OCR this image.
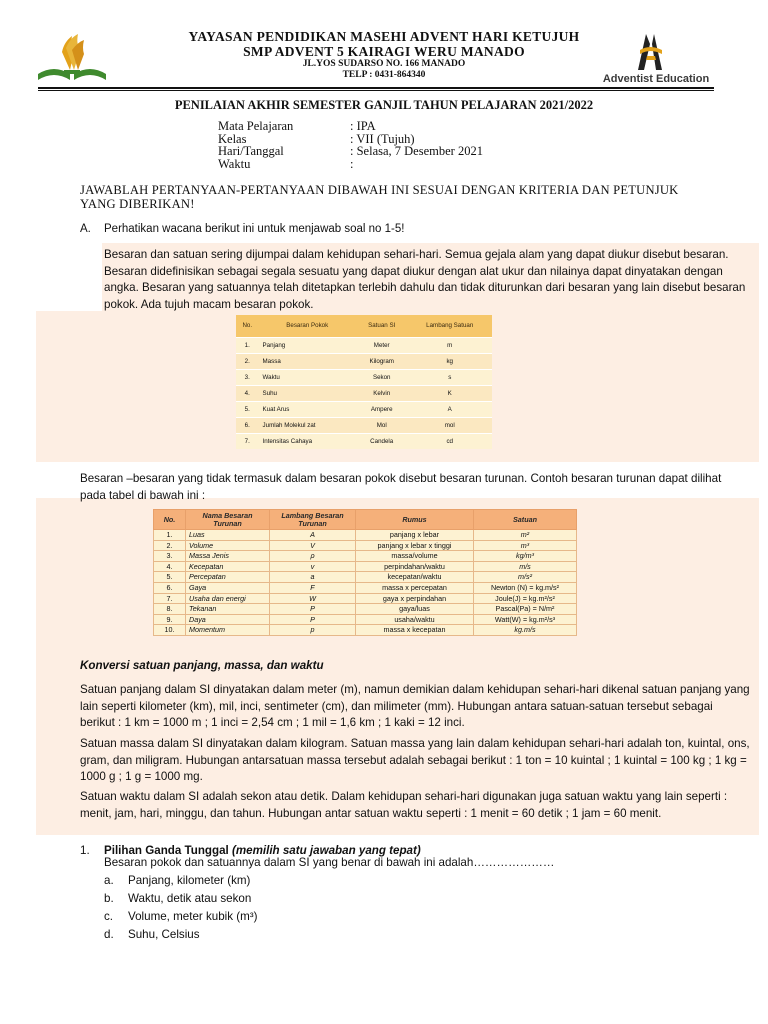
YAYASAN PENDIDIKAN MASEHI ADVENT HARI KETUJUH
SMP ADVENT 5 KAIRAGI WERU MANADO
JL.YOS SUDARSO NO. 166 MANADO
TELP : 0431-864340	Adventist Education
PENILAIAN AKHIR SEMESTER GANJIL TAHUN PELAJARAN 2021/2022
Mata Pelajaran	: IPA
Kelas	: VII (Tujuh)
Hari/Tanggal	: Selasa, 7 Desember 2021
Waktu	:
JAWABLAH PERTANYAAN-PERTANYAAN DIBAWAH INI SESUAI DENGAN KRITERIA DAN PETUNJUK YANG DIBERIKAN!
A. Perhatikan wacana berikut ini untuk menjawab soal no 1-5!
Besaran dan satuan sering dijumpai dalam kehidupan sehari-hari. Semua gejala alam yang dapat diukur disebut besaran. Besaran didefinisikan sebagai segala sesuatu yang dapat diukur dengan alat ukur dan nilainya dapat dinyatakan dengan angka. Besaran yang satuannya telah ditetapkan terlebih dahulu dan tidak diturunkan dari besaran yang lain disebut besaran pokok. Ada tujuh macam besaran pokok.
No.	Besaran Pokok	Satuan SI	Lambang Satuan
1.	Panjang	Meter	m
2.	Massa	Kilogram	kg
3.	Waktu	Sekon	s
4.	Suhu	Kelvin	K
5.	Kuat Arus	Ampere	A
6.	Jumlah Molekul zat	Mol	mol
7.	Intensitas Cahaya	Candela	cd
Besaran –besaran yang tidak termasuk dalam besaran pokok disebut besaran turunan. Contoh besaran turunan dapat dilihat pada tabel di bawah ini :
No.	Nama Besaran Turunan	Lambang Besaran Turunan	Rumus	Satuan
1.	Luas	A	panjang x lebar	m²
2.	Volume	V	panjang x lebar x tinggi	m³
3.	Massa Jenis	ρ	massa/volume	kg/m³
4.	Kecepatan	v	perpindahan/waktu	m/s
5.	Percepatan	a	kecepatan/waktu	m/s²
6.	Gaya	F	massa x percepatan	Newton (N) = kg.m/s²
7.	Usaha dan energi	W	gaya x perpindahan	Joule(J) = kg.m²/s²
8.	Tekanan	P	gaya/luas	Pascal(Pa) = N/m²
9.	Daya	P	usaha/waktu	Watt(W) = kg.m²/s³
10.	Momentum	p	massa x kecepatan	kg.m/s
Konversi satuan panjang, massa, dan waktu
Satuan panjang dalam SI dinyatakan dalam meter (m), namun demikian dalam kehidupan sehari-hari dikenal satuan panjang yang lain seperti kilometer (km), mil, inci, sentimeter (cm), dan milimeter (mm). Hubungan antara satuan-satuan tersebut sebagai berikut : 1 km = 1000 m ; 1 inci = 2,54 cm ; 1 mil = 1,6 km ; 1 kaki = 12 inci.
Satuan massa dalam SI dinyatakan dalam kilogram. Satuan massa yang lain dalam kehidupan sehari-hari adalah ton, kuintal, ons, gram, dan miligram. Hubungan antarsatuan massa tersebut adalah sebagai berikut : 1 ton = 10 kuintal ; 1 kuintal = 100 kg ; 1 kg = 1000 g ; 1 g = 1000 mg.
Satuan waktu dalam SI adalah sekon atau detik. Dalam kehidupan sehari-hari digunakan juga satuan waktu yang lain seperti : menit, jam, hari, minggu, dan tahun. Hubungan antar satuan waktu seperti : 1 menit = 60 detik ; 1 jam = 60 menit.
1. Pilihan Ganda Tunggal (memilih satu jawaban yang tepat)
Besaran pokok dan satuannya dalam SI yang benar di bawah ini adalah…………………
a.	Panjang, kilometer (km)
b.	Waktu, detik atau sekon
c.	Volume, meter kubik (m³)
d.	Suhu, Celsius
